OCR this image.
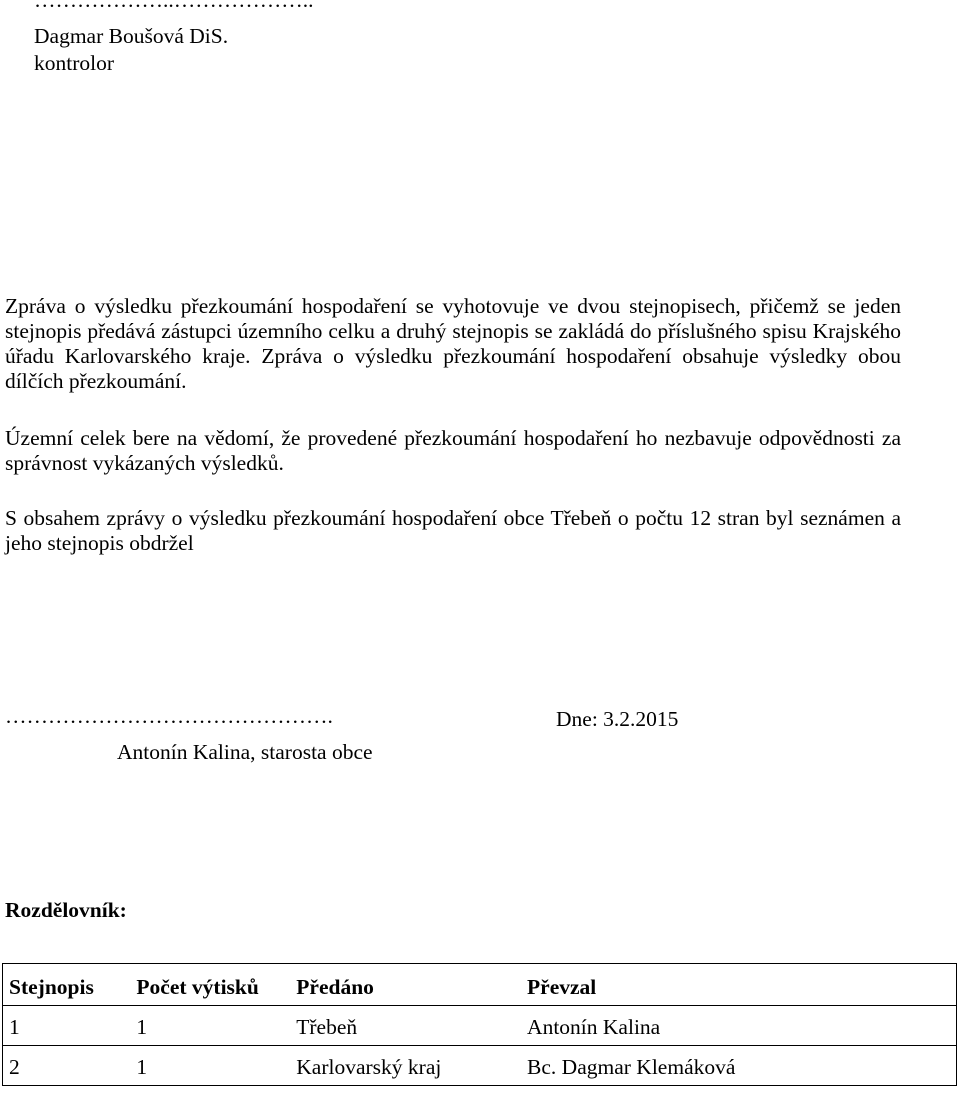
………………..………………..
Dagmar Boušová DiS.
kontrolor
Zpráva o výsledku přezkoumání hospodaření se vyhotovuje ve dvou stejnopisech, přičemž se jeden stejnopis předává zástupci územního celku a druhý stejnopis se zakládá do příslušného spisu Krajského úřadu Karlovarského kraje. Zpráva o výsledku přezkoumání hospodaření obsahuje výsledky obou dílčích přezkoumání.
Územní celek bere na vědomí, že provedené přezkoumání hospodaření ho nezbavuje odpovědnosti za správnost vykázaných výsledků.
S obsahem zprávy o výsledku přezkoumání hospodaření obce Třebeň o počtu 12 stran byl seznámen a jeho stejnopis obdržel
……………………………………….	Dne: 3.2.2015
Antonín Kalina, starosta obce
Rozdělovník:
Stejnopis	Počet výtisků	Předáno	Převzal
1	1	Třebeň	Antonín Kalina
2	1	Karlovarský kraj	Bc. Dagmar Klemáková
